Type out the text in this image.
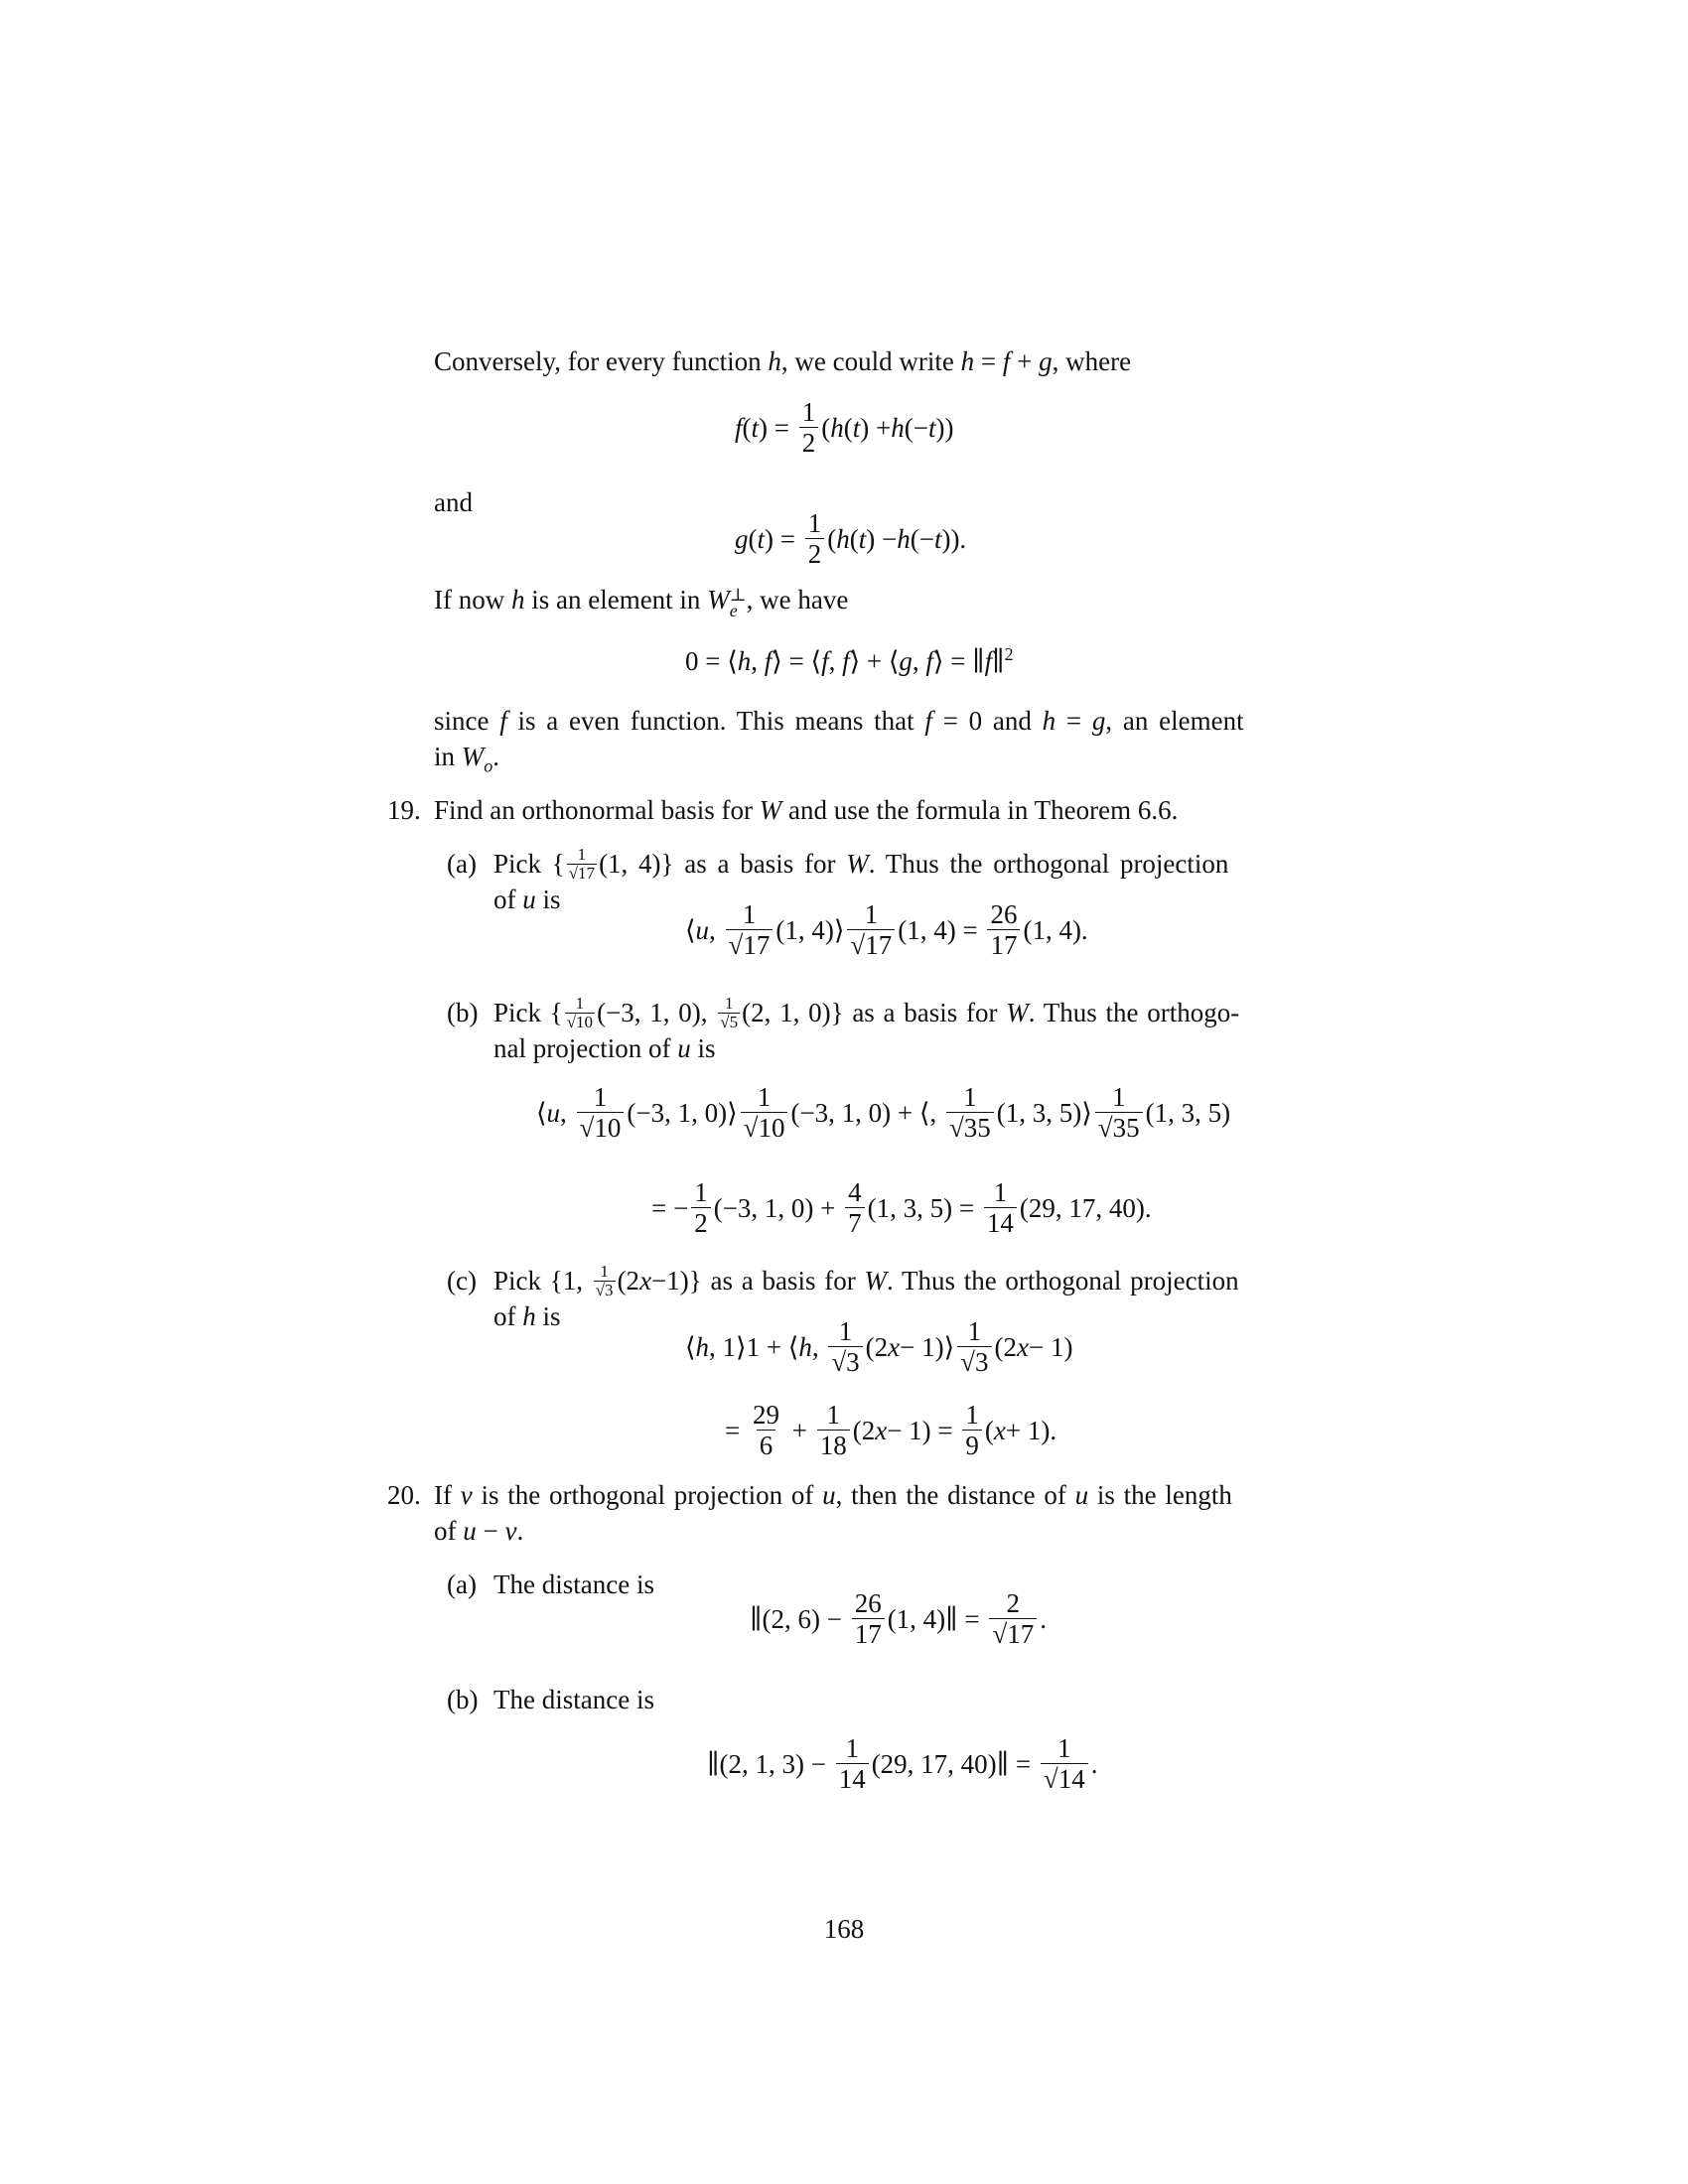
Conversely, for every function h, we could write h = f + g, where
f ( t ) = $\frac{1}{2}$ ( h ( t ) + h (− t ))
and
g ( t ) = $\frac{1}{2}$ ( h ( t ) − h (− t )).
If now h is an element in W ⊥
e , we have
0 = ⟨h, f⟩ = ⟨f, f⟩ + ⟨g, f⟩ = ∥f∥$^2$
since f is a even function. This means that f = 0 and h = g, an element
in $W_o$.
19. Find an orthonormal basis for W and use the formula in Theorem 6.6.
(a) Pick { $\frac{1}{√17} (1$, 4)} as a basis for W. Thus the orthogonal projection
of u is
⟨ u , $\frac{1}{√17} (1$, 4)⟩ $\frac{1}{√17} (1$, $4) = \frac{26}{17} (1$, 4).
(b) Pick { $\frac{1}{√10} (-3$, 1, 0), $\frac{1}{√5} (2$, 1, 0)} as a basis for W. Thus the orthogo-
nal projection of u is
⟨ u , $\frac{1}{√10} (-3$, 1, 0)⟩ $\frac{1}{√10} (-3$, 1, 0) + ⟨, $\frac{1}{√35} (1$, 3, 5)⟩ $\frac{1}{√35} (1$, 3, 5)
= − $\frac{1}{2} (-3$, 1, $0) + \frac{4}{7} (1$, 3, $5) = \frac{1}{14} (29$, 17, 40).
(c) Pick {1, $\frac{1}{√3} (2x-1)$} as a basis for W. Thus the orthogonal projection
of h is
⟨ h , 1⟩1 + ⟨ h , $\frac{1}{√3} (2$ x − 1)⟩ $\frac{1}{√3} (2$ x − 1)
= $\frac{29}{6} + \frac{1}{18} (2$ $x - 1) = \frac{1}{9}$ ( x + 1).
20. If v is the orthogonal projection of u, then the distance of u is the length
of u − v.
(a) The distance is
∥(2, $6) - \frac{26}{17} (1$, 4)∥ = $\frac{2}{√17}$ .
(b) The distance is
∥(2, 1, $3) - \frac{1}{14} (29$, 17, 40)∥ = $\frac{1}{√14}$ .
168
